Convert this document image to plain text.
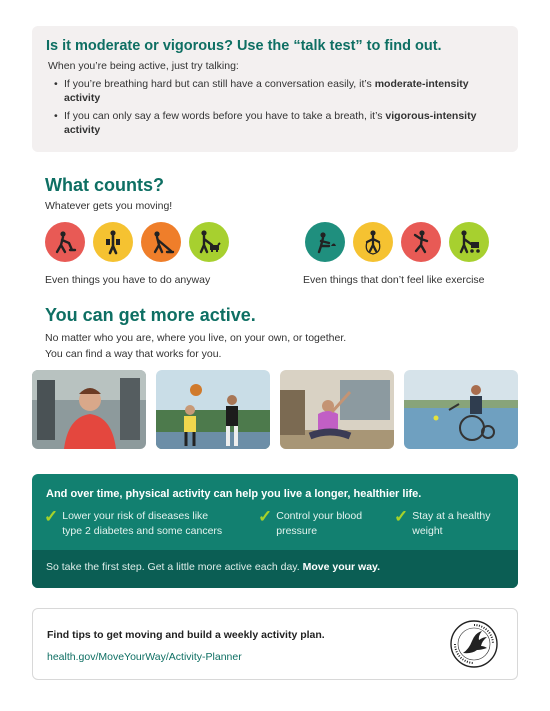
Is it moderate or vigorous? Use the “talk test” to find out.
When you’re being active, just try talking:
• If you’re breathing hard but can still have a conversation easily, it’s moderate-intensity activity
• If you can only say a few words before you have to take a breath, it’s vigorous-intensity activity
What counts?
Whatever gets you moving!
Even things you have to do anyway	Even things that don’t feel like exercise
You can get more active.
No matter who you are, where you live, on your own, or together.
You can find a way that works for you.
And over time, physical activity can help you live a longer, healthier life.
✓ Lower your risk of diseases like
type 2 diabetes and some cancers
✓ Control your blood
pressure
✓ Stay at a healthy
weight
So take the first step. Get a little more active each day. Move your way.
Find tips to get moving and build a weekly activity plan.
health.gov/MoveYourWay/Activity-Planner
